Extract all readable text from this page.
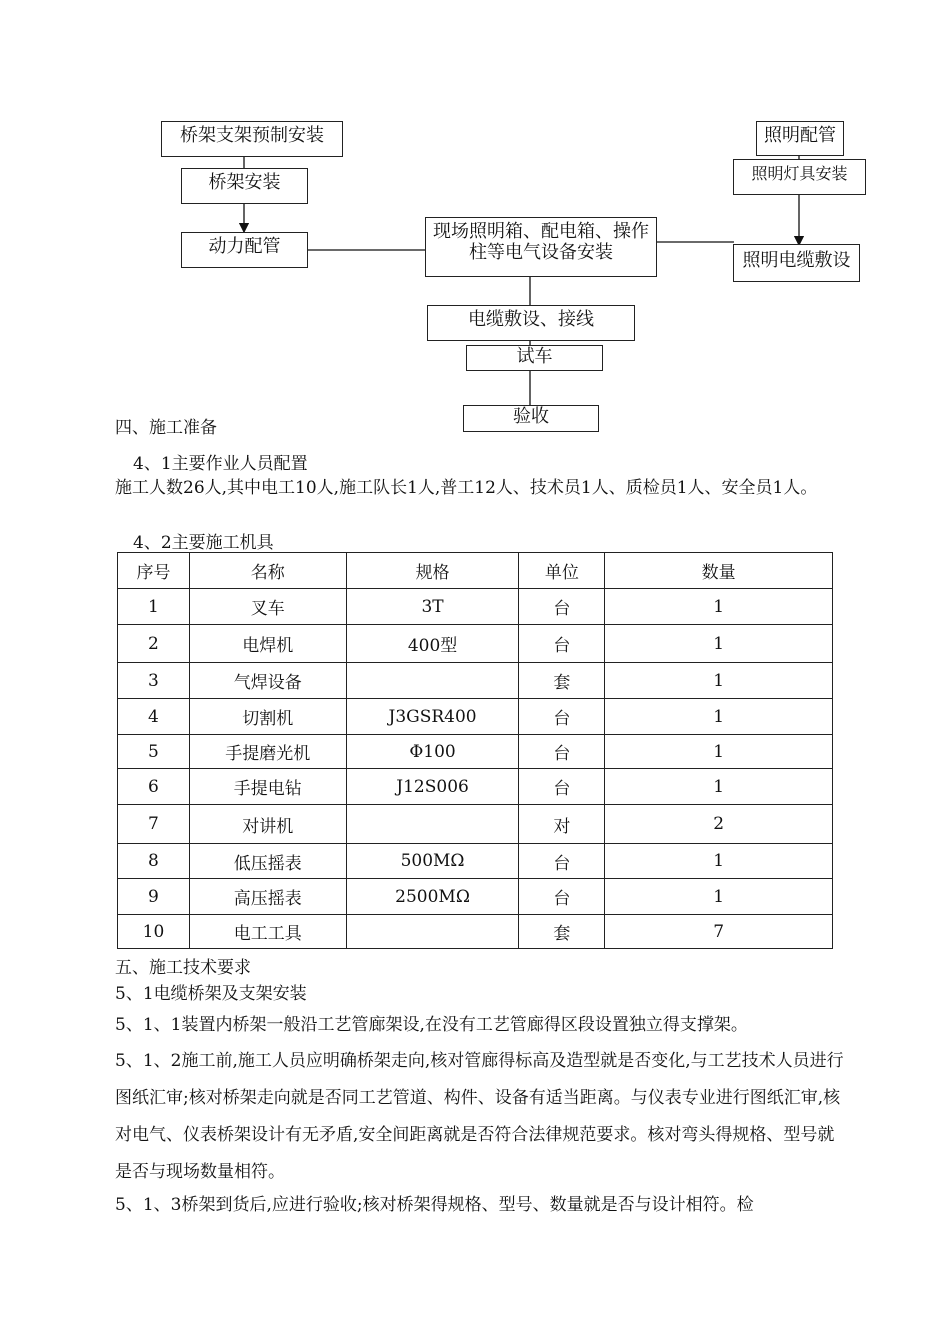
桥架支架预制安装
桥架安装
动力配管
现场照明箱、配电箱、操作柱等电气设备安装
照明配管
照明灯具安装
照明电缆敷设
电缆敷设、接线
试车
验收
四、施工准备
4、1主要作业人员配置
施工人数26人,其中电工10人,施工队长1人,普工12人、技术员1人、质检员1人、安全员1人。
4、2主要施工机具
序号	名称	规格	单位	数量
1	叉车	3T	台	1
2	电焊机	400型	台	1
3	气焊设备		套	1
4	切割机	J3GSR400	台	1
5	手提磨光机	Φ100	台	1
6	手提电钻	J12S006	台	1
7	对讲机		对	2
8	低压摇表	500MΩ	台	1
9	高压摇表	2500MΩ	台	1
10	电工工具		套	7
五、施工技术要求
5、1电缆桥架及支架安装
5、1、1装置内桥架一般沿工艺管廊架设,在没有工艺管廊得区段设置独立得支撑架。
5、1、2施工前,施工人员应明确桥架走向,核对管廊得标高及造型就是否变化,与工艺技术人员进行图纸汇审;核对桥架走向就是否同工艺管道、构件、设备有适当距离。与仪表专业进行图纸汇审,核对电气、仪表桥架设计有无矛盾,安全间距离就是否符合法律规范要求。核对弯头得规格、型号就是否与现场数量相符。
5、1、3桥架到货后,应进行验收;核对桥架得规格、型号、数量就是否与设计相符。检
